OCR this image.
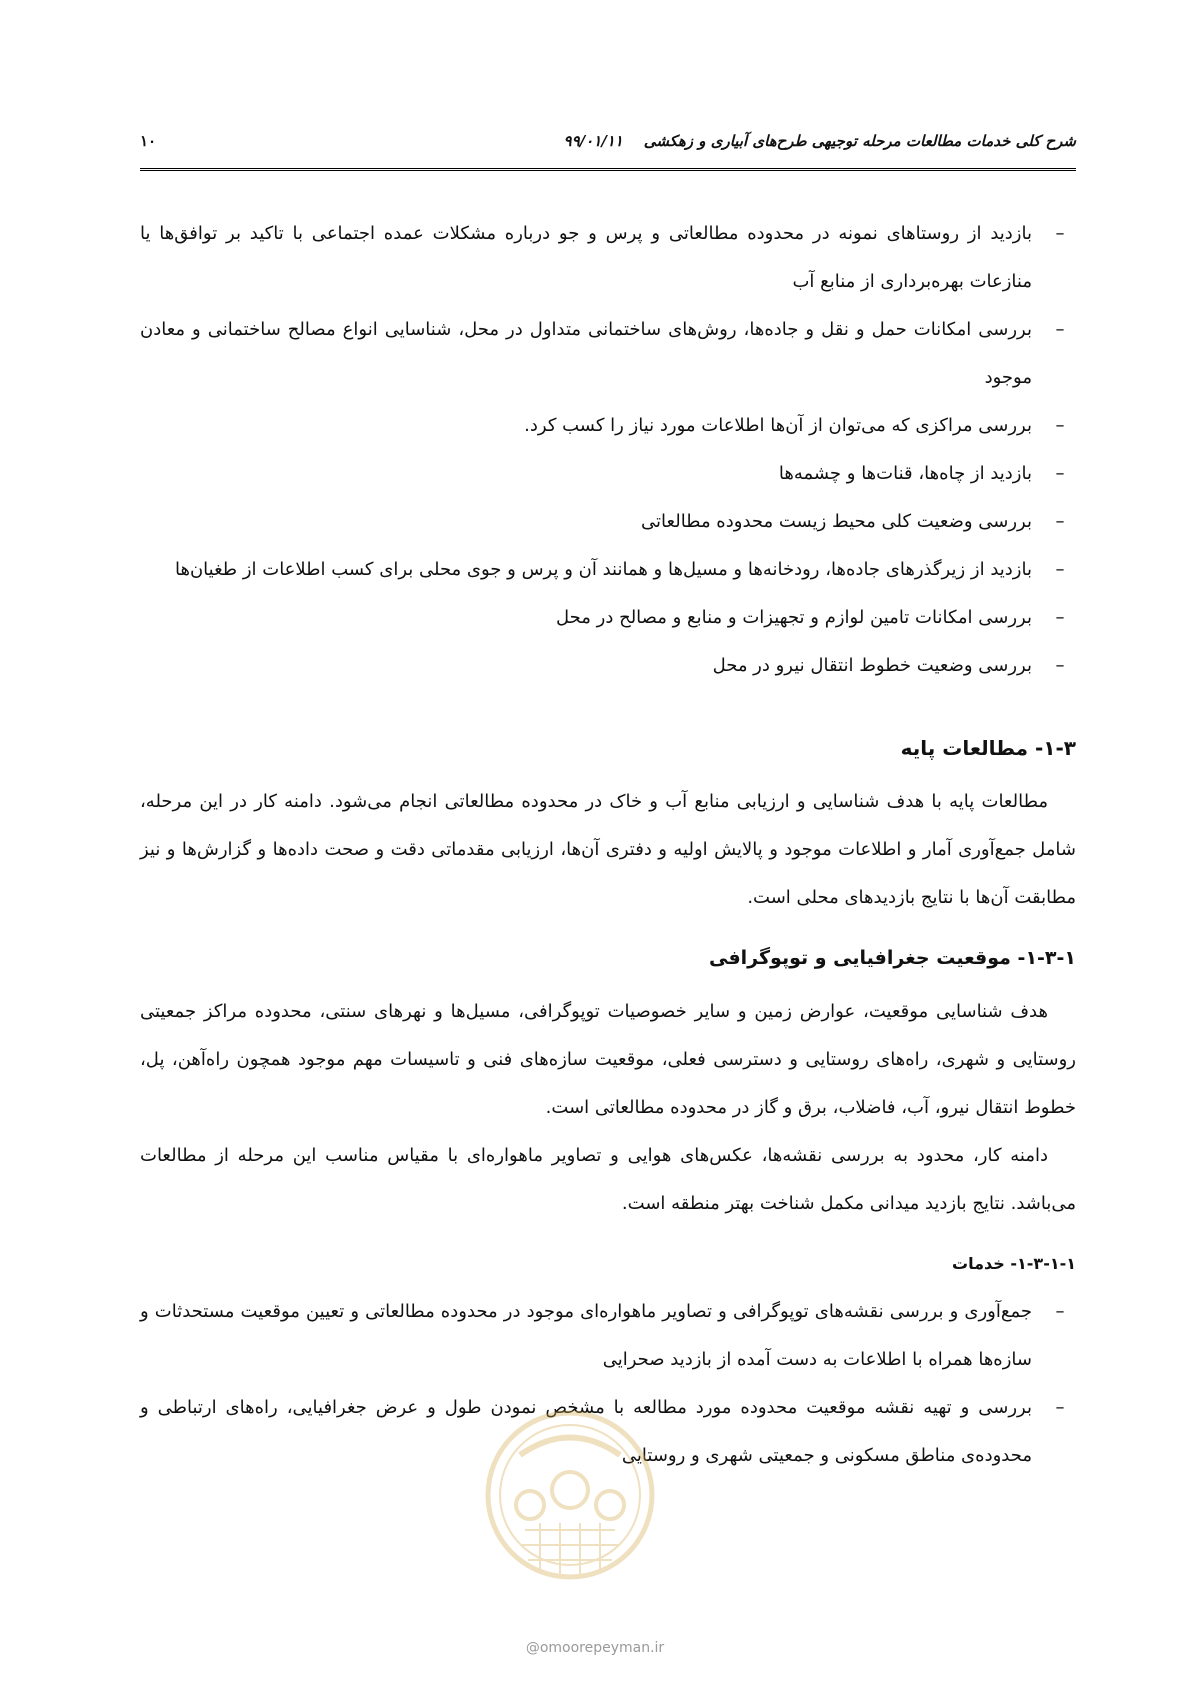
شرح کلی خدمات مطالعات مرحله توجیهی طرح‌های آبیاری و زهکشی    ۹۹/۰۱/۱۱
۱۰
–
بازدید از روستاهای نمونه در محدوده مطالعاتی و پرس و جو درباره مشکلات عمده اجتماعی با تاکید بر توافق‌ها یا منازعات بهره‌برداری از منابع آب
–
بررسی امکانات حمل و نقل و جاده‌ها، روش‌های ساختمانی متداول در محل، شناسایی انواع مصالح ساختمانی و معادن موجود
–
بررسی مراکزی که می‌توان از آن‌ها اطلاعات مورد نیاز را کسب کرد.
–
بازدید از چاه‌ها، قنات‌ها و چشمه‌ها
–
بررسی وضعیت کلی محیط زیست محدوده مطالعاتی
–
بازدید از زیرگذرهای جاده‌ها، رودخانه‌ها و مسیل‌ها و همانند آن و پرس و جوی محلی برای کسب اطلاعات از طغیان‌ها
–
بررسی امکانات تامین لوازم و تجهیزات و منابع و مصالح در محل
–
بررسی وضعیت خطوط انتقال نیرو در محل
۱-۳- مطالعات پایه

مطالعات پایه با هدف شناسایی و ارزیابی منابع آب و خاک در محدوده مطالعاتی انجام می‌شود. دامنه کار در این مرحله، شامل جمع‌آوری آمار و اطلاعات موجود و پالایش اولیه و دفتری آن‌ها، ارزیابی مقدماتی دقت و صحت داده‌ها و گزارش‌ها و نیز مطابقت آن‌ها با نتایج بازدیدهای محلی است.

۱-۳-۱- موقعیت جغرافیایی و توپوگرافی

هدف شناسایی موقعیت، عوارض زمین و سایر خصوصیات توپوگرافی، مسیل‌ها و نهرهای سنتی، محدوده مراکز جمعیتی روستایی و شهری، راه‌های روستایی و دسترسی فعلی، موقعیت سازه‌های فنی و تاسیسات مهم موجود همچون راه‌آهن، پل، خطوط انتقال نیرو، آب، فاضلاب، برق و گاز در محدوده مطالعاتی است.

دامنه کار، محدود به بررسی نقشه‌ها، عکس‌های هوایی و تصاویر ماهواره‌ای با مقیاس مناسب این مرحله از مطالعات می‌باشد. نتایج بازدید میدانی مکمل شناخت بهتر منطقه است.

۱-۳-۱-۱- خدمات
–
جمع‌آوری و بررسی نقشه‌های توپوگرافی و تصاویر ماهواره‌ای موجود در محدوده مطالعاتی و تعیین موقعیت مستحدثات و سازه‌ها همراه با اطلاعات به دست آمده از بازدید صحرایی
–
بررسی و تهیه نقشه موقعیت محدوده مورد مطالعه با مشخص نمودن طول و عرض جغرافیایی، راه‌های ارتباطی و محدوده‌ی مناطق مسکونی و جمعیتی شهری و روستایی
@omoorepeyman.ir
